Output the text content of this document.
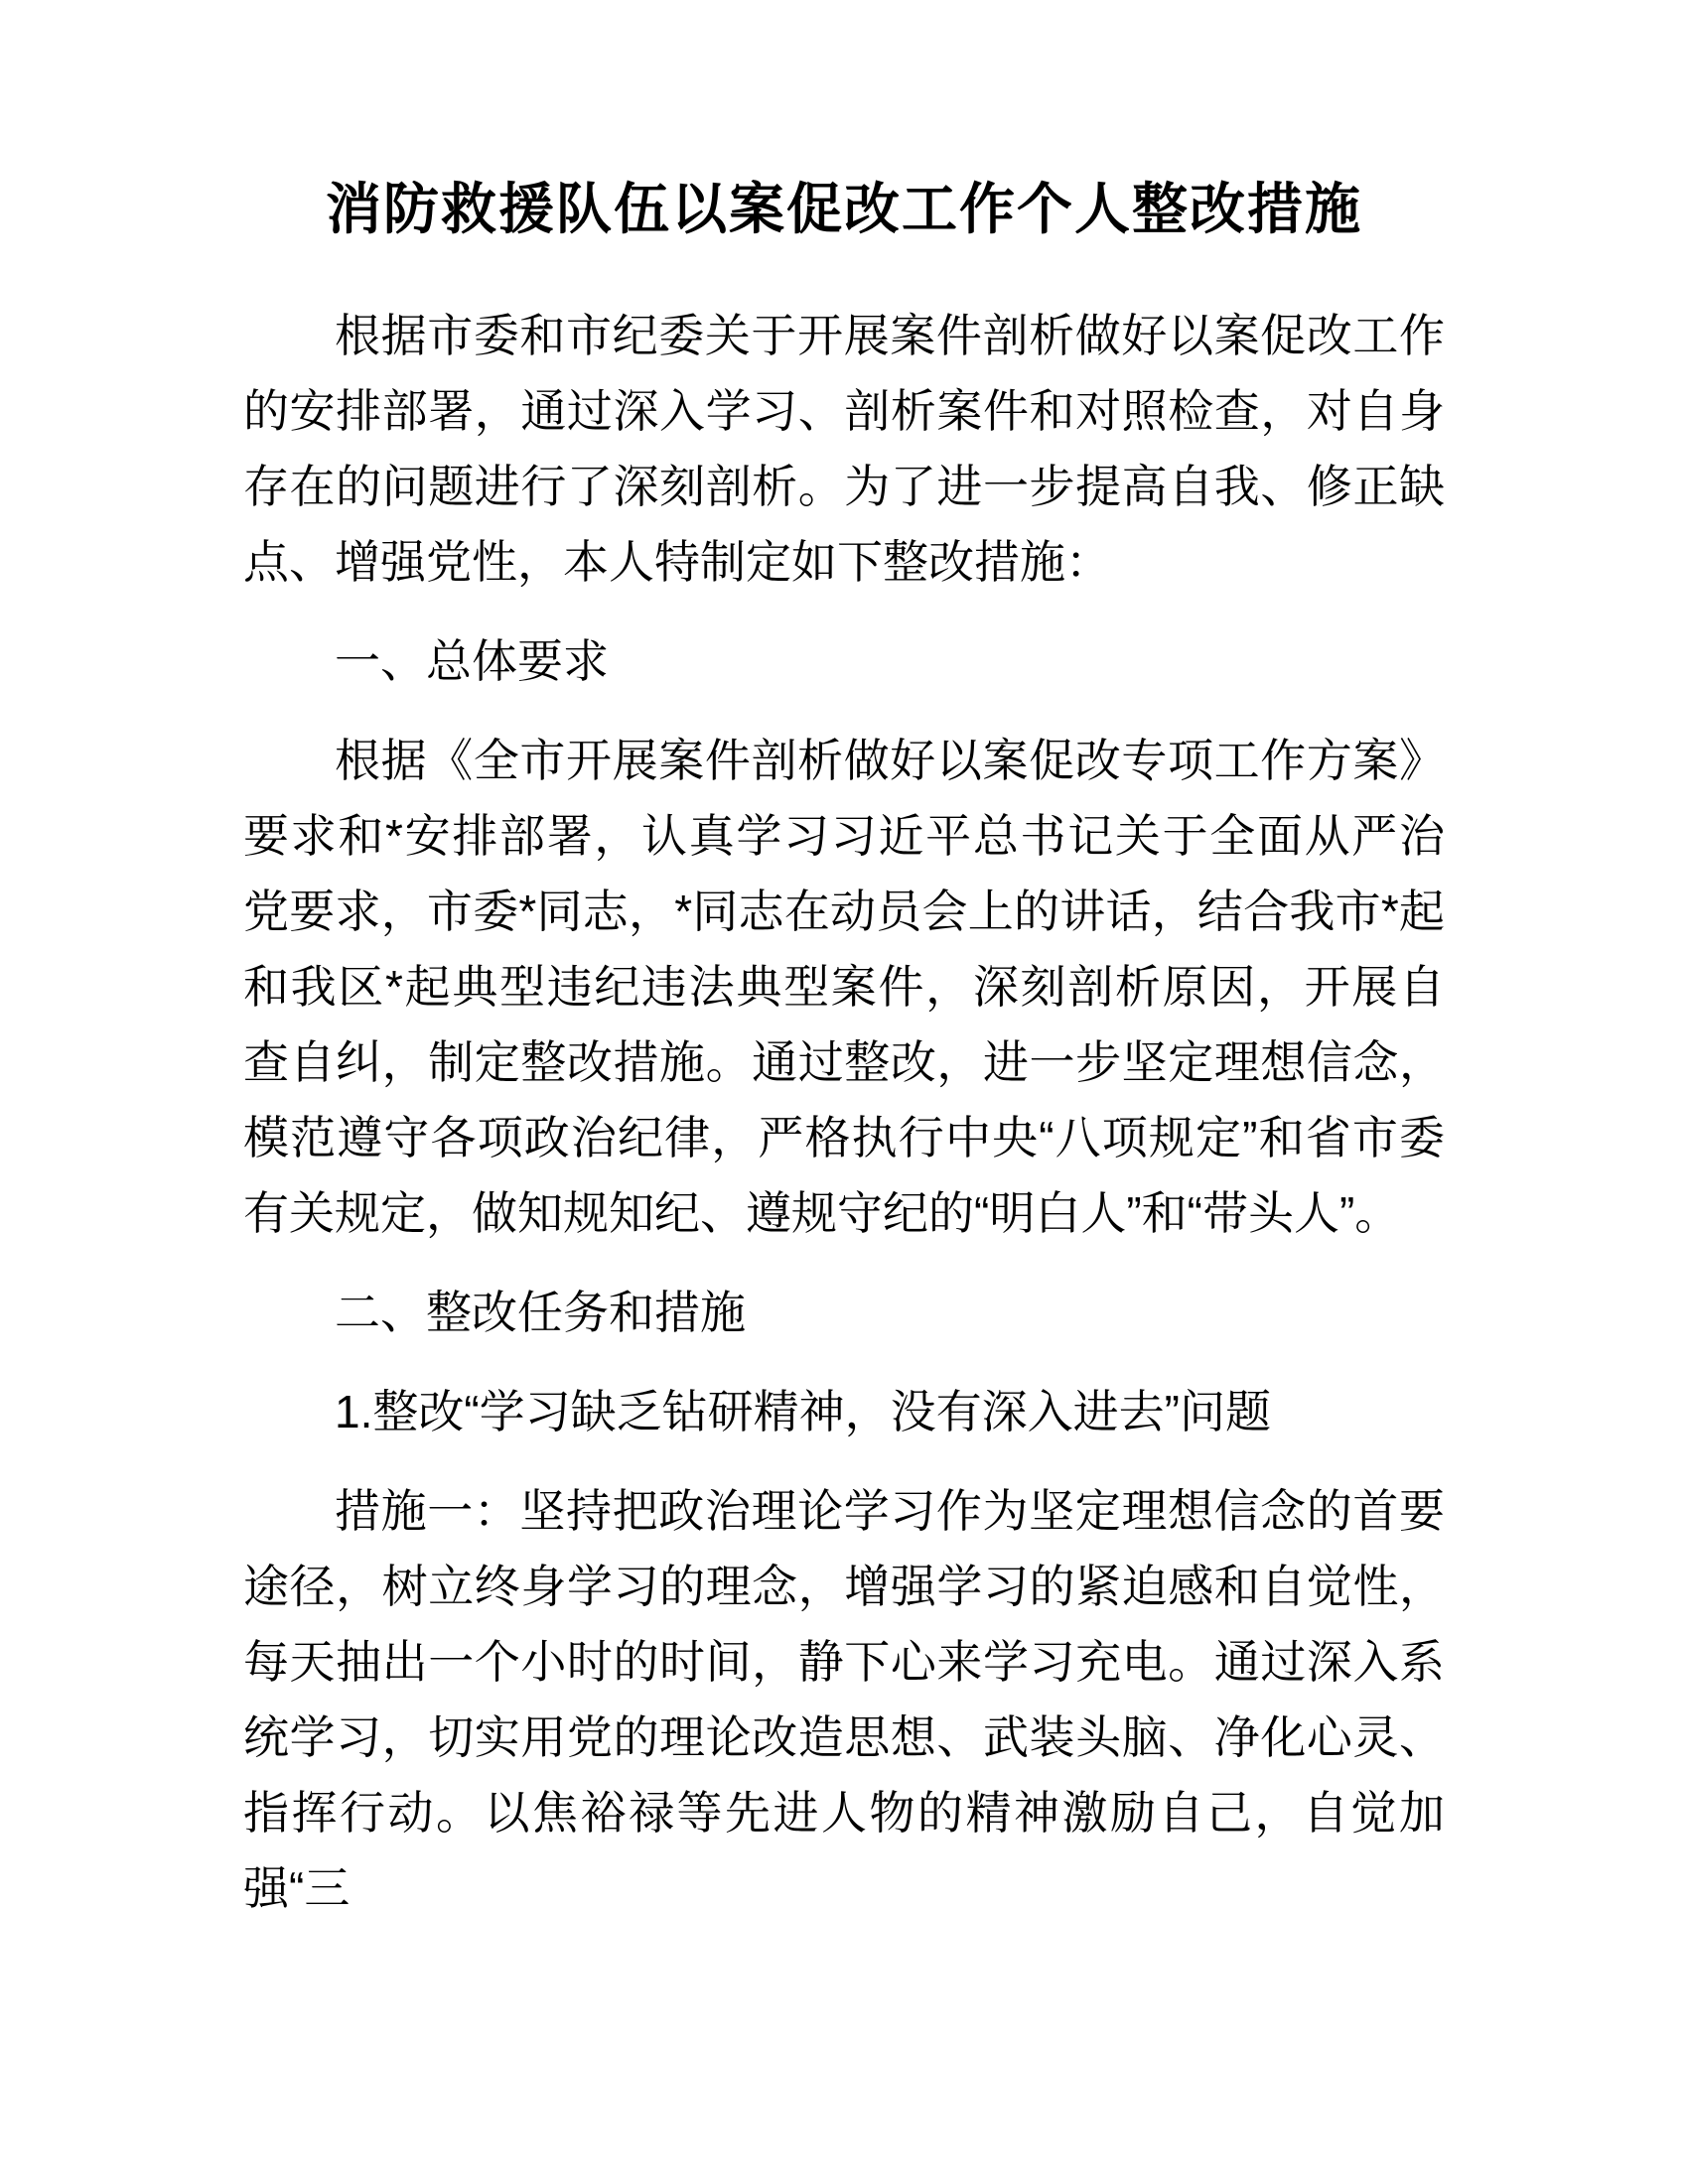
消防救援队伍以案促改工作个人整改措施

根据市委和市纪委关于开展案件剖析做好以案促改工作的安排部署，通过深入学习、剖析案件和对照检查，对自身存在的问题进行了深刻剖析。为了进一步提高自我、修正缺点、增强党性，本人特制定如下整改措施：

一、总体要求

根据《全市开展案件剖析做好以案促改专项工作方案》要求和*安排部署，认真学习习近平总书记关于全面从严治党要求，市委*同志，*同志在动员会上的讲话，结合我市*起和我区*起典型违纪违法典型案件，深刻剖析原因，开展自查自纠，制定整改措施。通过整改，进一步坚定理想信念，模范遵守各项政治纪律，严格执行中央“八项规定”和省市委有关规定，做知规知纪、遵规守纪的“明白人”和“带头人”。

二、整改任务和措施

1.整改“学习缺乏钻研精神，没有深入进去”问题

措施一：坚持把政治理论学习作为坚定理想信念的首要途径，树立终身学习的理念，增强学习的紧迫感和自觉性，每天抽出一个小时的时间，静下心来学习充电。通过深入系统学习，切实用党的理论改造思想、武装头脑、净化心灵、指挥行动。以焦裕禄等先进人物的精神激励自己，自觉加强“三
